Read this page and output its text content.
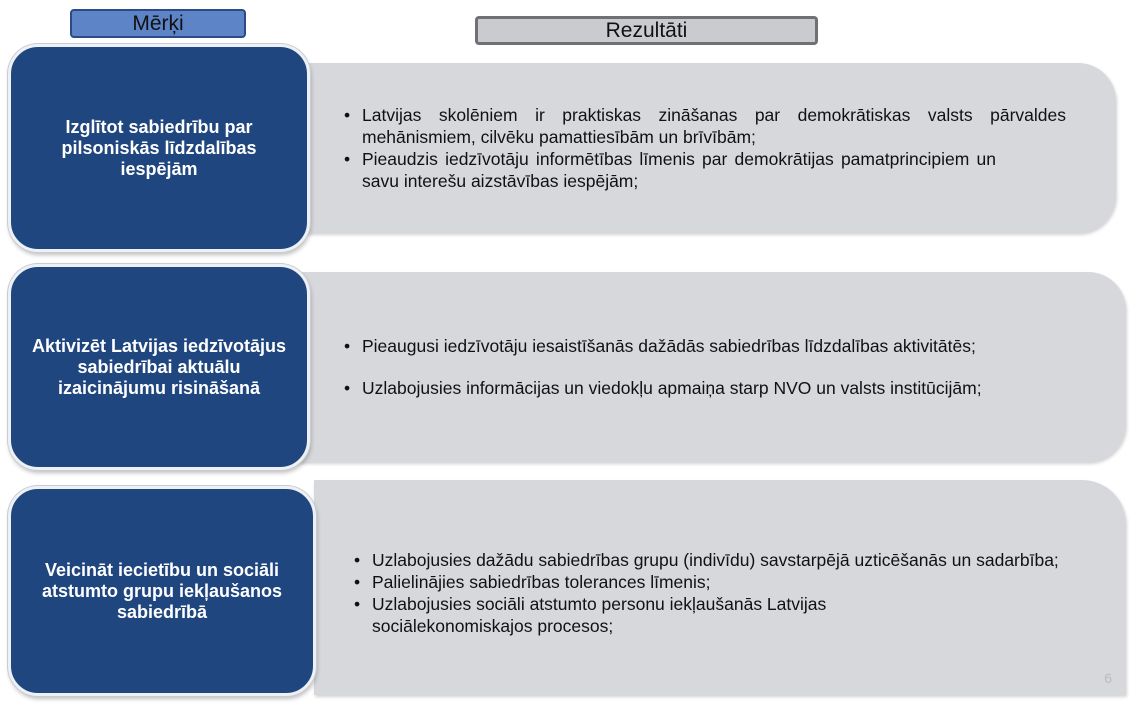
Mērķi	Rezultāti
• Latvijas skolēniem ir praktiskas zināšanas par demokrātiskas valsts pārvaldes mehānismiem, cilvēku pamattiesībām un brīvībām;
• Pieaudzis iedzīvotāju informētības līmenis par demokrātijas pamatprincipiem un savu interešu aizstāvības iespējām;
Izglītot sabiedrību par pilsoniskās līdzdalības iespējām
• Pieaugusi iedzīvotāju iesaistīšanās dažādās sabiedrības līdzdalības aktivitātēs;
• Uzlabojusies informācijas un viedokļu apmaiņa starp NVO un valsts institūcijām;
Aktivizēt Latvijas iedzīvotājus sabiedrībai aktuālu izaicinājumu risināšanā
• Uzlabojusies dažādu sabiedrības grupu (indivīdu) savstarpējā uzticēšanās un sadarbība;
• Palielinājies sabiedrības tolerances līmenis;
• Uzlabojusies sociāli atstumto personu iekļaušanās Latvijas sociālekonomiskajos procesos;
Veicināt iecietību un sociāli atstumto grupu iekļaušanos sabiedrībā
6
